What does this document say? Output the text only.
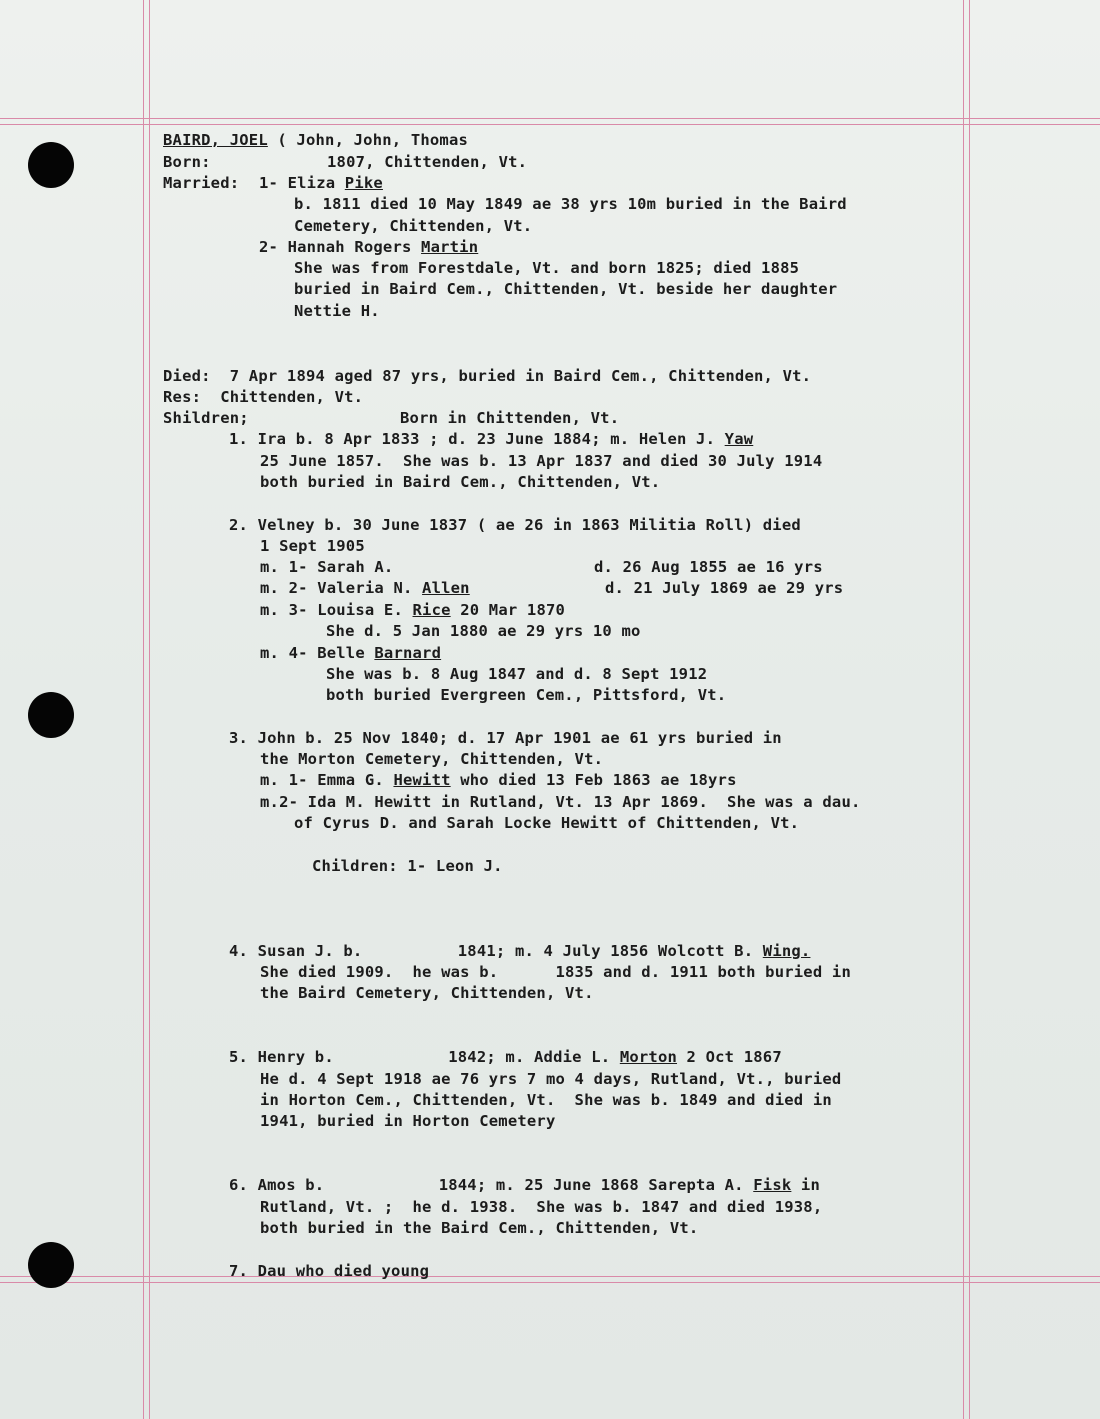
BAIRD, JOEL ( John, John, Thomas
Born:	1807, Chittenden, Vt.
Married: 1- Eliza Pike
b. 1811 died 10 May 1849 ae 38 yrs 10m buried in the Baird
Cemetery, Chittenden, Vt.
2- Hannah Rogers Martin
She was from Forestdale, Vt. and born 1825; died 1885
buried in Baird Cem., Chittenden, Vt. beside her daughter
Nettie H.
Died:  7 Apr 1894 aged 87 yrs, buried in Baird Cem., Chittenden, Vt.
Res:  Chittenden, Vt.
Shildren;	Born in Chittenden, Vt.
1. Ira b. 8 Apr 1833 ; d. 23 June 1884; m. Helen J. Yaw
25 June 1857.  She was b. 13 Apr 1837 and died 30 July 1914
both buried in Baird Cem., Chittenden, Vt.
2. Velney b. 30 June 1837 ( ae 26 in 1863 Militia Roll) died
1 Sept 1905
m. 1- Sarah A.	d. 26 Aug 1855 ae 16 yrs
m. 2- Valeria N. Allen	d. 21 July 1869 ae 29 yrs
m. 3- Louisa E. Rice 20 Mar 1870
She d. 5 Jan 1880 ae 29 yrs 10 mo
m. 4- Belle Barnard
She was b. 8 Aug 1847 and d. 8 Sept 1912
both buried Evergreen Cem., Pittsford, Vt.
3. John b. 25 Nov 1840; d. 17 Apr 1901 ae 61 yrs buried in
the Morton Cemetery, Chittenden, Vt.
m. 1- Emma G. Hewitt who died 13 Feb 1863 ae 18yrs
m.2- Ida M. Hewitt in Rutland, Vt. 13 Apr 1869.  She was a dau.
of Cyrus D. and Sarah Locke Hewitt of Chittenden, Vt.
Children: 1- Leon J.
4. Susan J. b.          1841; m. 4 July 1856 Wolcott B. Wing.
She died 1909.  he was b.      1835 and d. 1911 both buried in
the Baird Cemetery, Chittenden, Vt.
5. Henry b.            1842; m. Addie L. Morton 2 Oct 1867
He d. 4 Sept 1918 ae 76 yrs 7 mo 4 days, Rutland, Vt., buried
in Horton Cem., Chittenden, Vt.  She was b. 1849 and died in
1941, buried in Horton Cemetery
6. Amos b.            1844; m. 25 June 1868 Sarepta A. Fisk in
Rutland, Vt. ;  he d. 1938.  She was b. 1847 and died 1938,
both buried in the Baird Cem., Chittenden, Vt.
7. Dau who died young
